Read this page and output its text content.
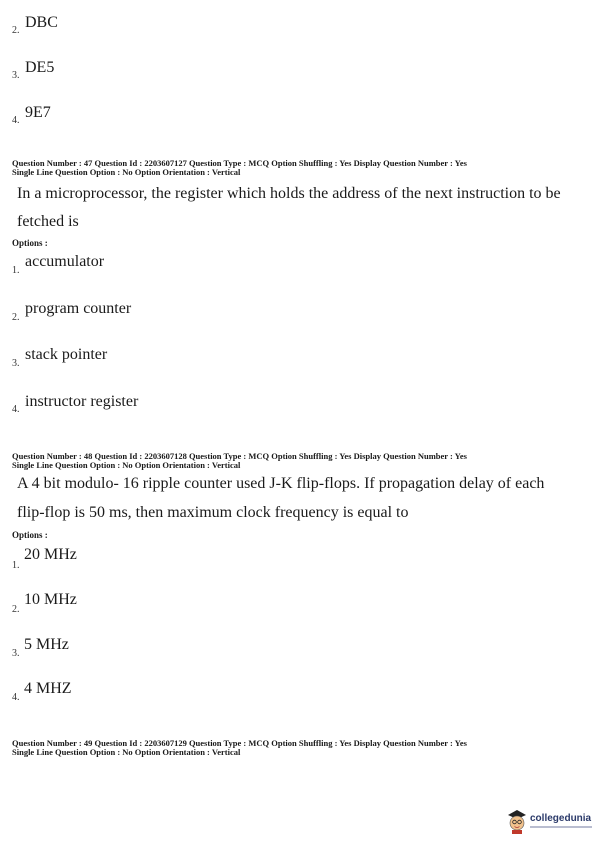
2. DBC
3. DE5
4. 9E7
Question Number : 47 Question Id : 2203607127 Question Type : MCQ Option Shuffling : Yes Display Question Number : Yes
Single Line Question Option : No Option Orientation : Vertical
In a microprocessor, the register which holds the address of the next instruction to be
fetched is
Options :
1.
accumulator
2.
program counter
3.
stack pointer
4. instructor register
Question Number : 48 Question Id : 2203607128 Question Type : MCQ Option Shuffling : Yes Display Question Number : Yes
Single Line Question Option : No Option Orientation : Vertical
A 4 bit modulo- 16 ripple counter used J-K flip-flops. If propagation delay of each
flip-flop is 50 ms, then maximum clock frequency is equal to
Options :
1.
20 MHz
2.
10 MHz
3.
5 MHz
4.
4 MHZ
Question Number : 49 Question Id : 2203607129 Question Type : MCQ Option Shuffling : Yes Display Question Number : Yes
Single Line Question Option : No Option Orientation : Vertical
collegedunia
